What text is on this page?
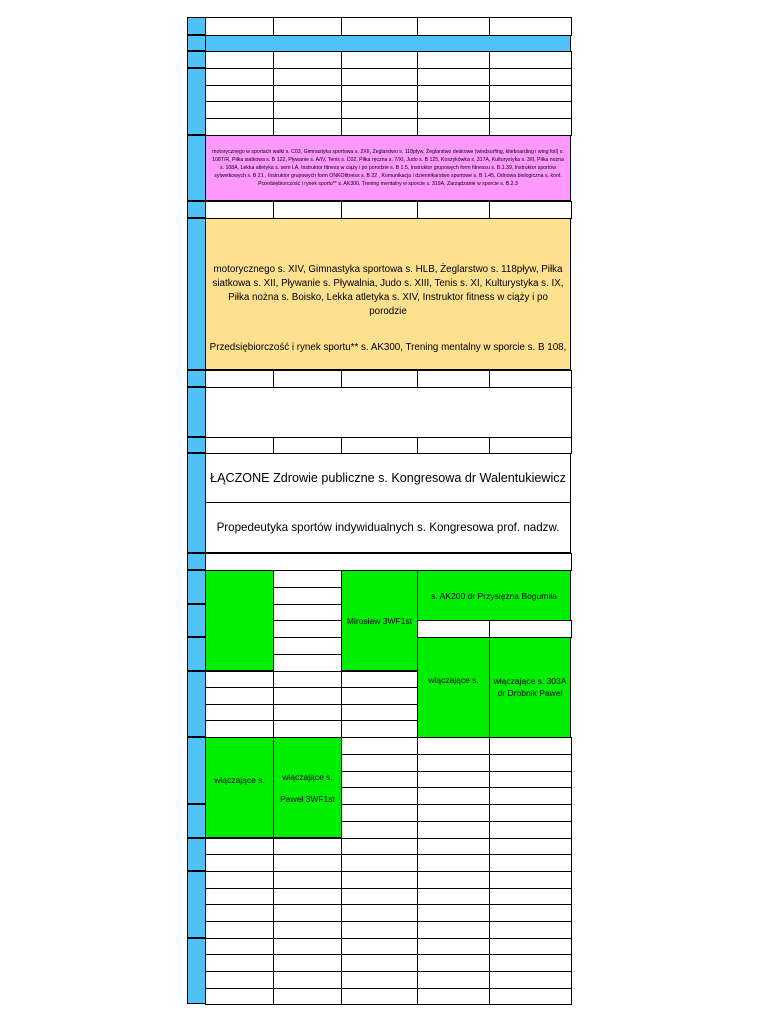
motorycznego w sportach walki s. C03, Gimnastyka sportowa s. 2XII, Żeglarstwo s. 118pływ, Żeglarstwo deskowe (windsurfing, kiteboarding i wing foil) s. 108T/R, Piłka siatkowa s. B 122, Pływanie s. A/IV, Tenis s. C02, Piłka ręczna s. 7/XI, Judo s. B 125, Koszykówka s. 317A, Kulturystyka s. 3/II, Piłka nożna s. 108A, Lekka atletyka s. sem LA, Instruktor fitness w ciąży i po porodzie s. B 1.5, Instruktor grupowych form fitnessu s. B.1.39, Instruktor sportów sylwetkowych s. B 21 , Instruktor grupowych form ONKOfitness s. B 22 , Komunikacja i dziennikarstwo sportowe s. B 1.45, Odnowa biologiczna s. konf. Przedsiębiorczość i rynek sportu** s. AK300, Trening mentalny w sporcie s. 319A, Zarządzanie w sporcie s. B.2.3
motorycznego s. XIV, Gimnastyka sportowa s. HLB, Żeglarstwo s. 118pływ, Piłka siatkowa s. XII, Pływanie s. Pływalnia, Judo s. XIII, Tenis s. XI, Kulturystyka s. IX, Piłka nożna s. Boisko, Lekka atletyka s. XIV, Instruktor fitness w ciąży i po porodzie
Przedsiębiorczość i rynek sportu** s. AK300, Trening mentalny w sporcie s. B 108,
ŁĄCZONE Zdrowie publiczne s. Kongresowa dr Walentukiewicz
Propedeutyka sportów indywidualnych s. Kongresowa prof. nadzw.
Mirosław 3WF1st
s. AK200 dr Przysiężna Bogumiła
włączające s.	włączające s. 303A dr Drobnik Paweł
włączające s. włączające s.
Paweł 3WF1st
